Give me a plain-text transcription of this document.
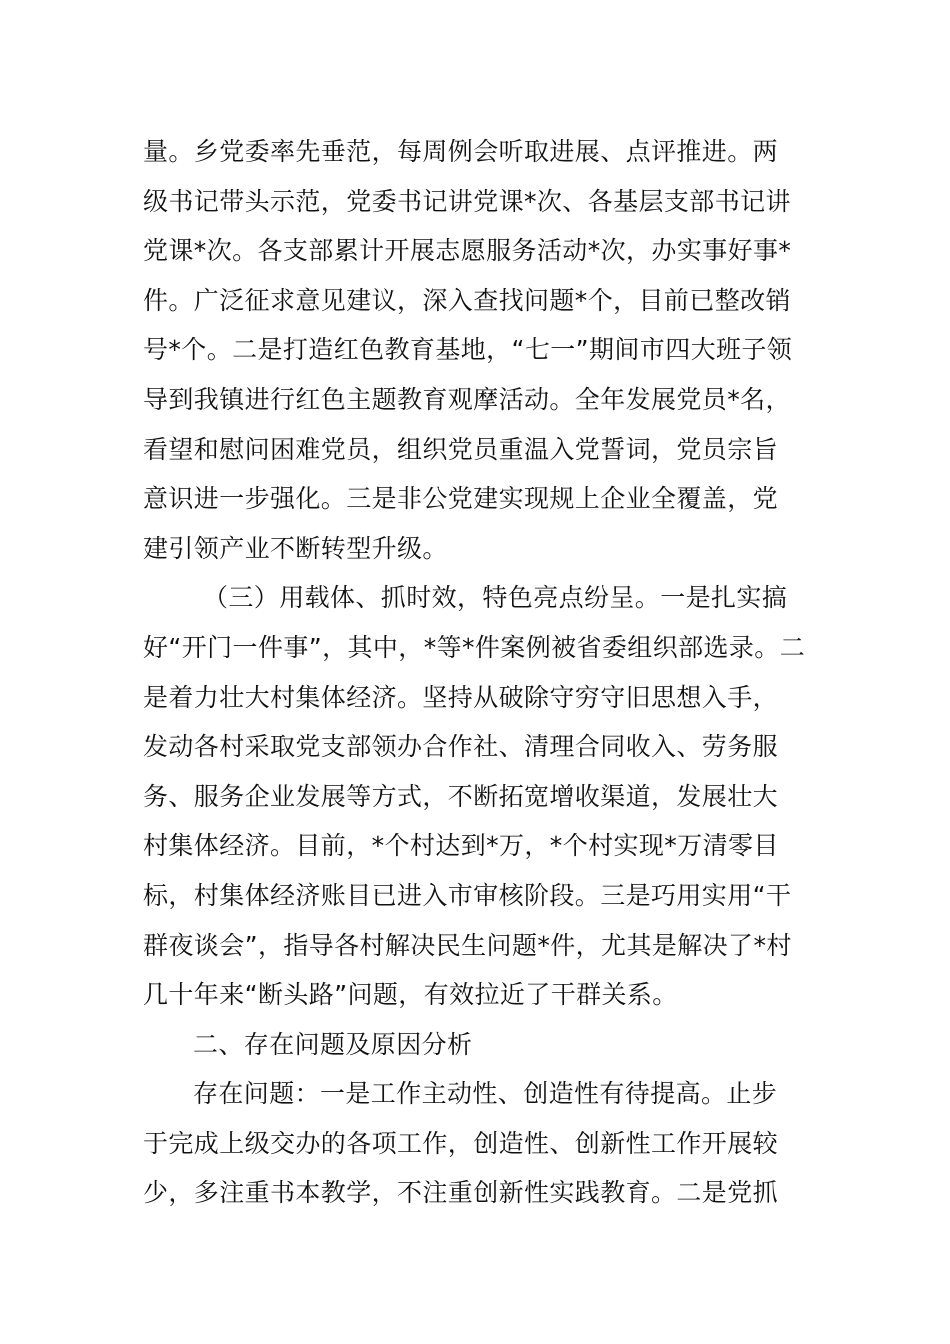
量。乡党委率先垂范，每周例会听取进展、点评推进。两
级书记带头示范，党委书记讲党课*次、各基层支部书记讲
党课*次。各支部累计开展志愿服务活动*次，办实事好事*
件。广泛征求意见建议，深入查找问题*个，目前已整改销
号*个。二是打造红色教育基地，“七一”期间市四大班子领
导到我镇进行红色主题教育观摩活动。全年发展党员*名，
看望和慰问困难党员，组织党员重温入党誓词，党员宗旨
意识进一步强化。三是非公党建实现规上企业全覆盖，党
建引领产业不断转型升级。
（三）用载体、抓时效，特色亮点纷呈。一是扎实搞
好“开门一件事”，其中，*等*件案例被省委组织部选录。二
是着力壮大村集体经济。坚持从破除守穷守旧思想入手，
发动各村采取党支部领办合作社、清理合同收入、劳务服
务、服务企业发展等方式，不断拓宽增收渠道，发展壮大
村集体经济。目前，*个村达到*万，*个村实现*万清零目
标，村集体经济账目已进入市审核阶段。三是巧用实用“干
群夜谈会”，指导各村解决民生问题*件，尤其是解决了*村
几十年来“断头路”问题，有效拉近了干群关系。
二、存在问题及原因分析
存在问题：一是工作主动性、创造性有待提高。止步
于完成上级交办的各项工作，创造性、创新性工作开展较
少，多注重书本教学，不注重创新性实践教育。二是党抓
